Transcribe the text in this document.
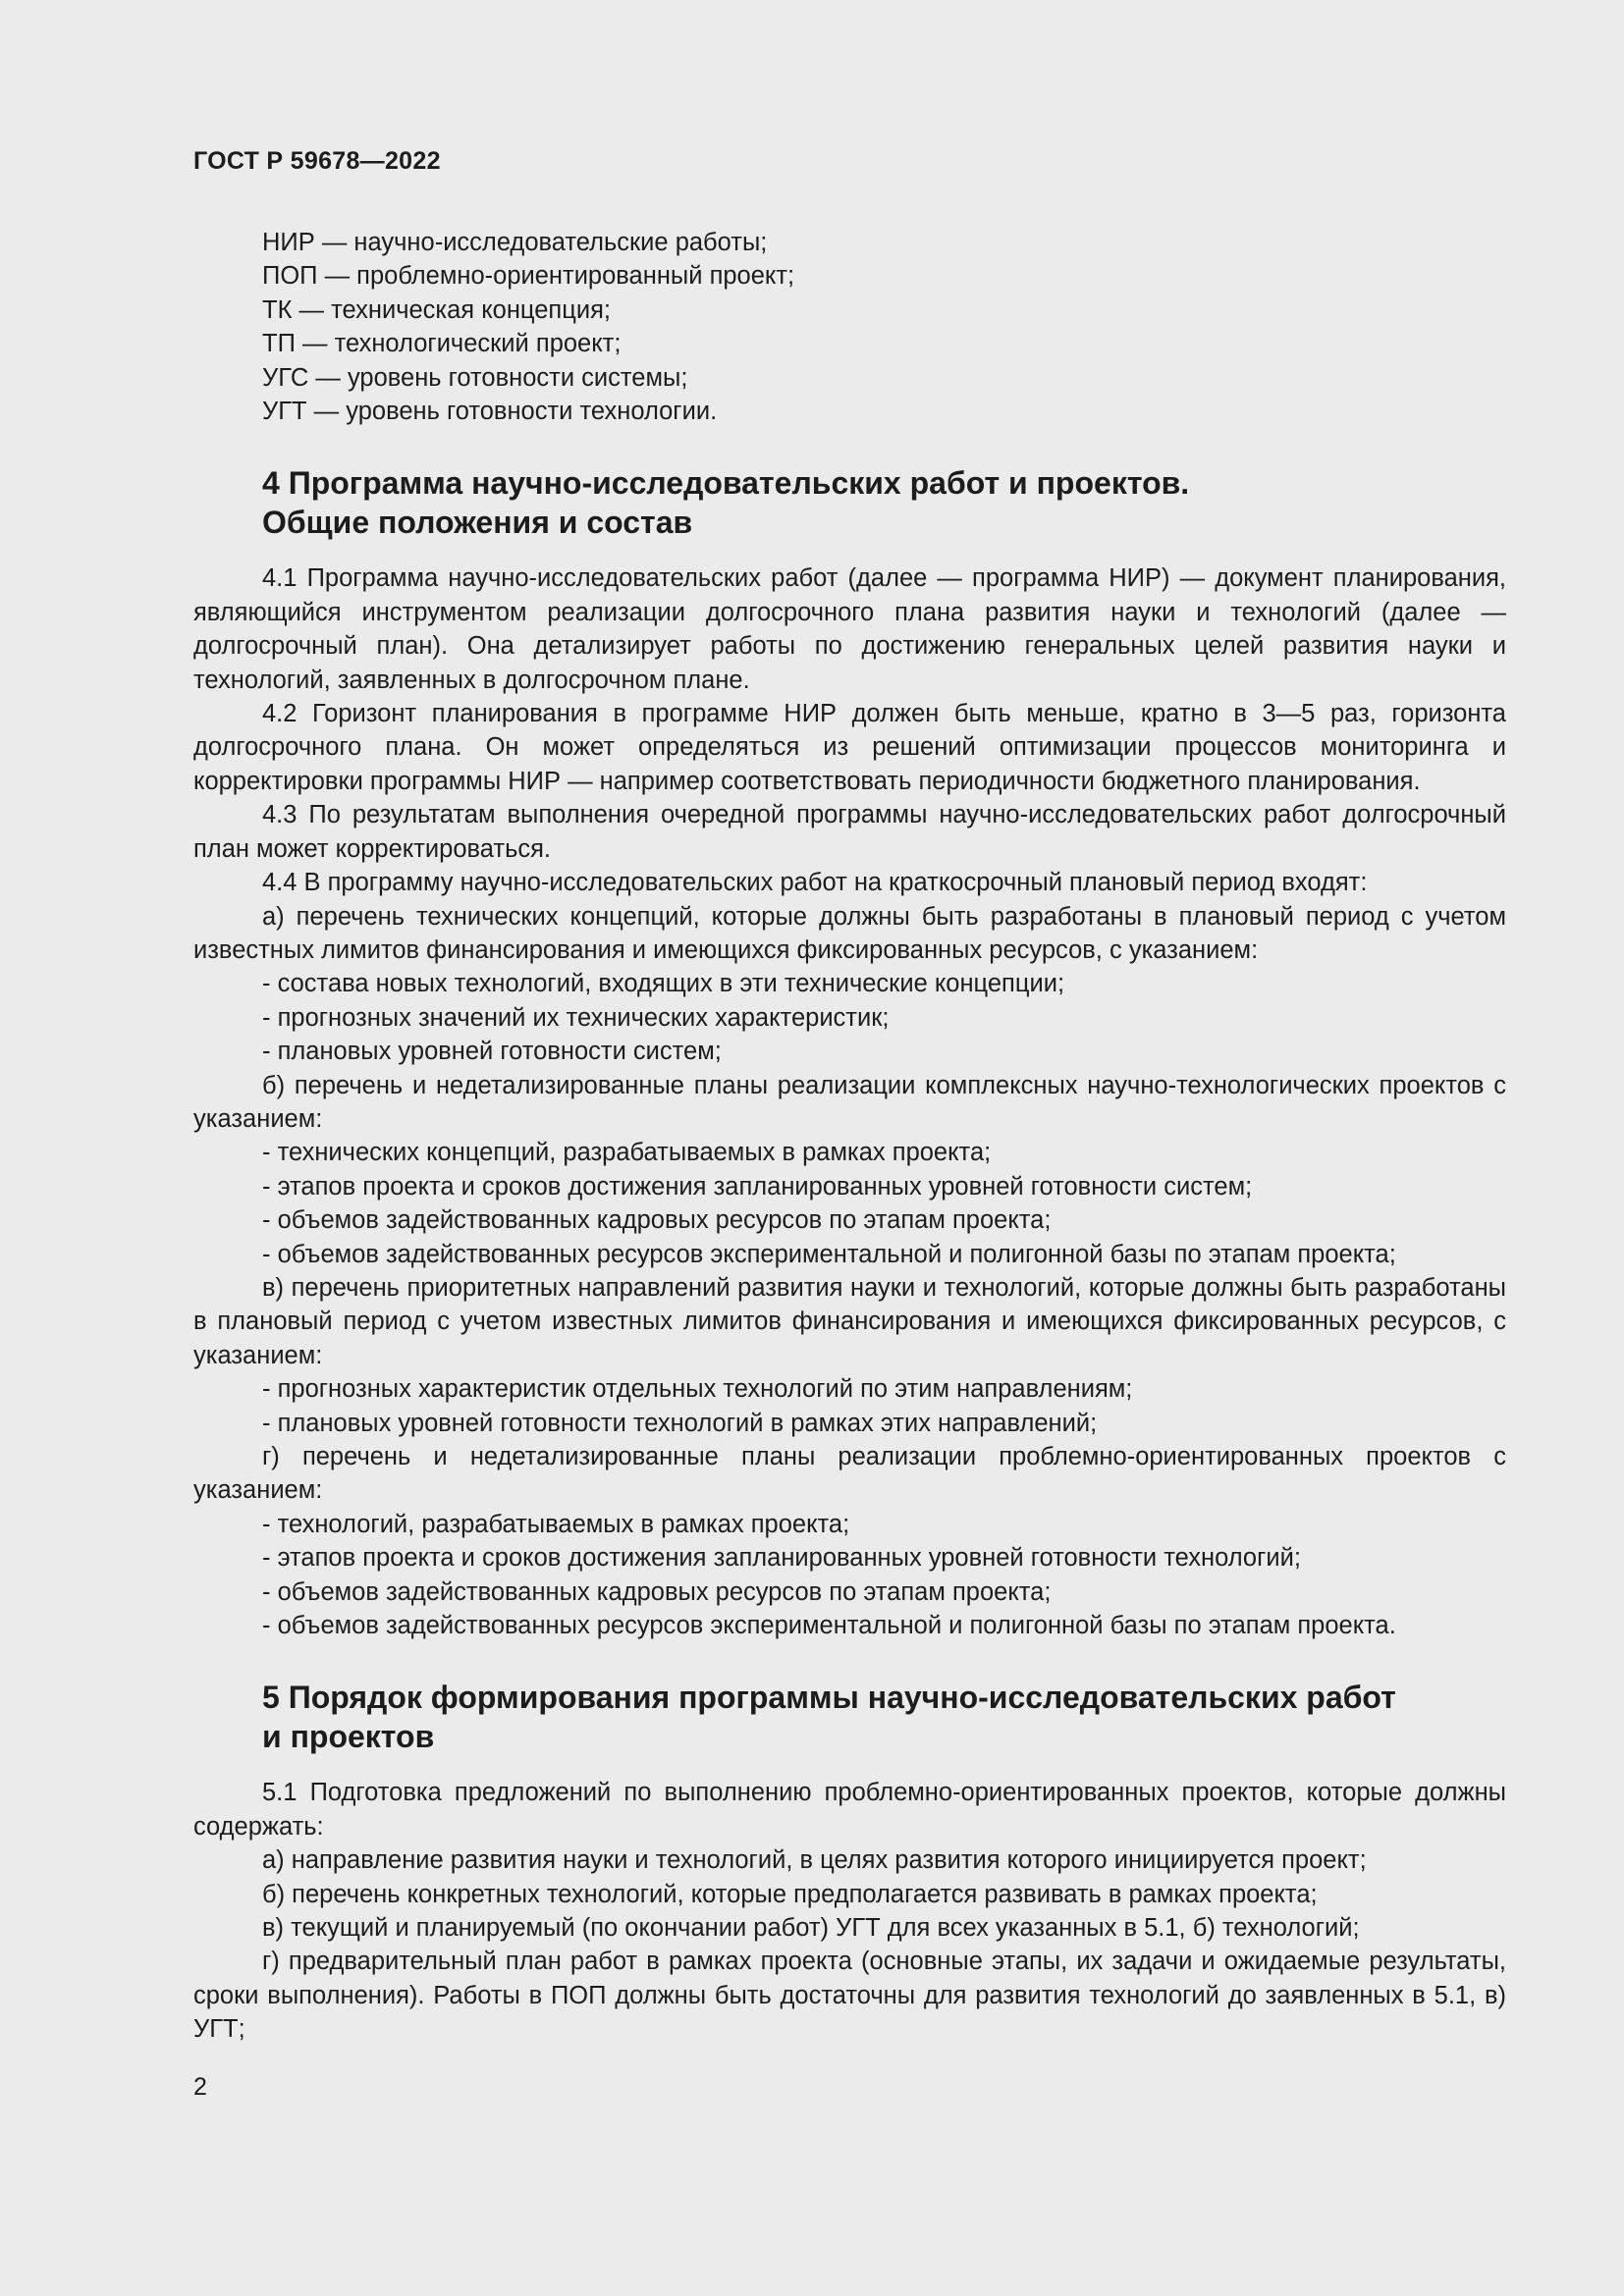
ГОСТ Р 59678—2022
НИР — научно-исследовательские работы;
ПОП — проблемно-ориентированный проект;
ТК — техническая концепция;
ТП — технологический проект;
УГС — уровень готовности системы;
УГТ — уровень готовности технологии.
4 Программа научно-исследовательских работ и проектов.
Общие положения и состав
4.1 Программа научно-исследовательских работ (далее — программа НИР) — документ планирования, являющийся инструментом реализации долгосрочного плана развития науки и технологий (далее — долгосрочный план). Она детализирует работы по достижению генеральных целей развития науки и технологий, заявленных в долгосрочном плане.
4.2 Горизонт планирования в программе НИР должен быть меньше, кратно в 3—5 раз, горизонта долгосрочного плана. Он может определяться из решений оптимизации процессов мониторинга и корректировки программы НИР — например соответствовать периодичности бюджетного планирования.
4.3 По результатам выполнения очередной программы научно-исследовательских работ долгосрочный план может корректироваться.
4.4 В программу научно-исследовательских работ на краткосрочный плановый период входят:
а) перечень технических концепций, которые должны быть разработаны в плановый период с учетом известных лимитов финансирования и имеющихся фиксированных ресурсов, с указанием:
- состава новых технологий, входящих в эти технические концепции;
- прогнозных значений их технических характеристик;
- плановых уровней готовности систем;
б) перечень и недетализированные планы реализации комплексных научно-технологических проектов с указанием:
- технических концепций, разрабатываемых в рамках проекта;
- этапов проекта и сроков достижения запланированных уровней готовности систем;
- объемов задействованных кадровых ресурсов по этапам проекта;
- объемов задействованных ресурсов экспериментальной и полигонной базы по этапам проекта;
в) перечень приоритетных направлений развития науки и технологий, которые должны быть разработаны в плановый период с учетом известных лимитов финансирования и имеющихся фиксированных ресурсов, с указанием:
- прогнозных характеристик отдельных технологий по этим направлениям;
- плановых уровней готовности технологий в рамках этих направлений;
г) перечень и недетализированные планы реализации проблемно-ориентированных проектов с указанием:
- технологий, разрабатываемых в рамках проекта;
- этапов проекта и сроков достижения запланированных уровней готовности технологий;
- объемов задействованных кадровых ресурсов по этапам проекта;
- объемов задействованных ресурсов экспериментальной и полигонной базы по этапам проекта.
5 Порядок формирования программы научно-исследовательских работ
и проектов
5.1 Подготовка предложений по выполнению проблемно-ориентированных проектов, которые должны содержать:
а) направление развития науки и технологий, в целях развития которого инициируется проект;
б) перечень конкретных технологий, которые предполагается развивать в рамках проекта;
в) текущий и планируемый (по окончании работ) УГТ для всех указанных в 5.1, б) технологий;
г) предварительный план работ в рамках проекта (основные этапы, их задачи и ожидаемые результаты, сроки выполнения). Работы в ПОП должны быть достаточны для развития технологий до заявленных в 5.1, в) УГТ;
2
